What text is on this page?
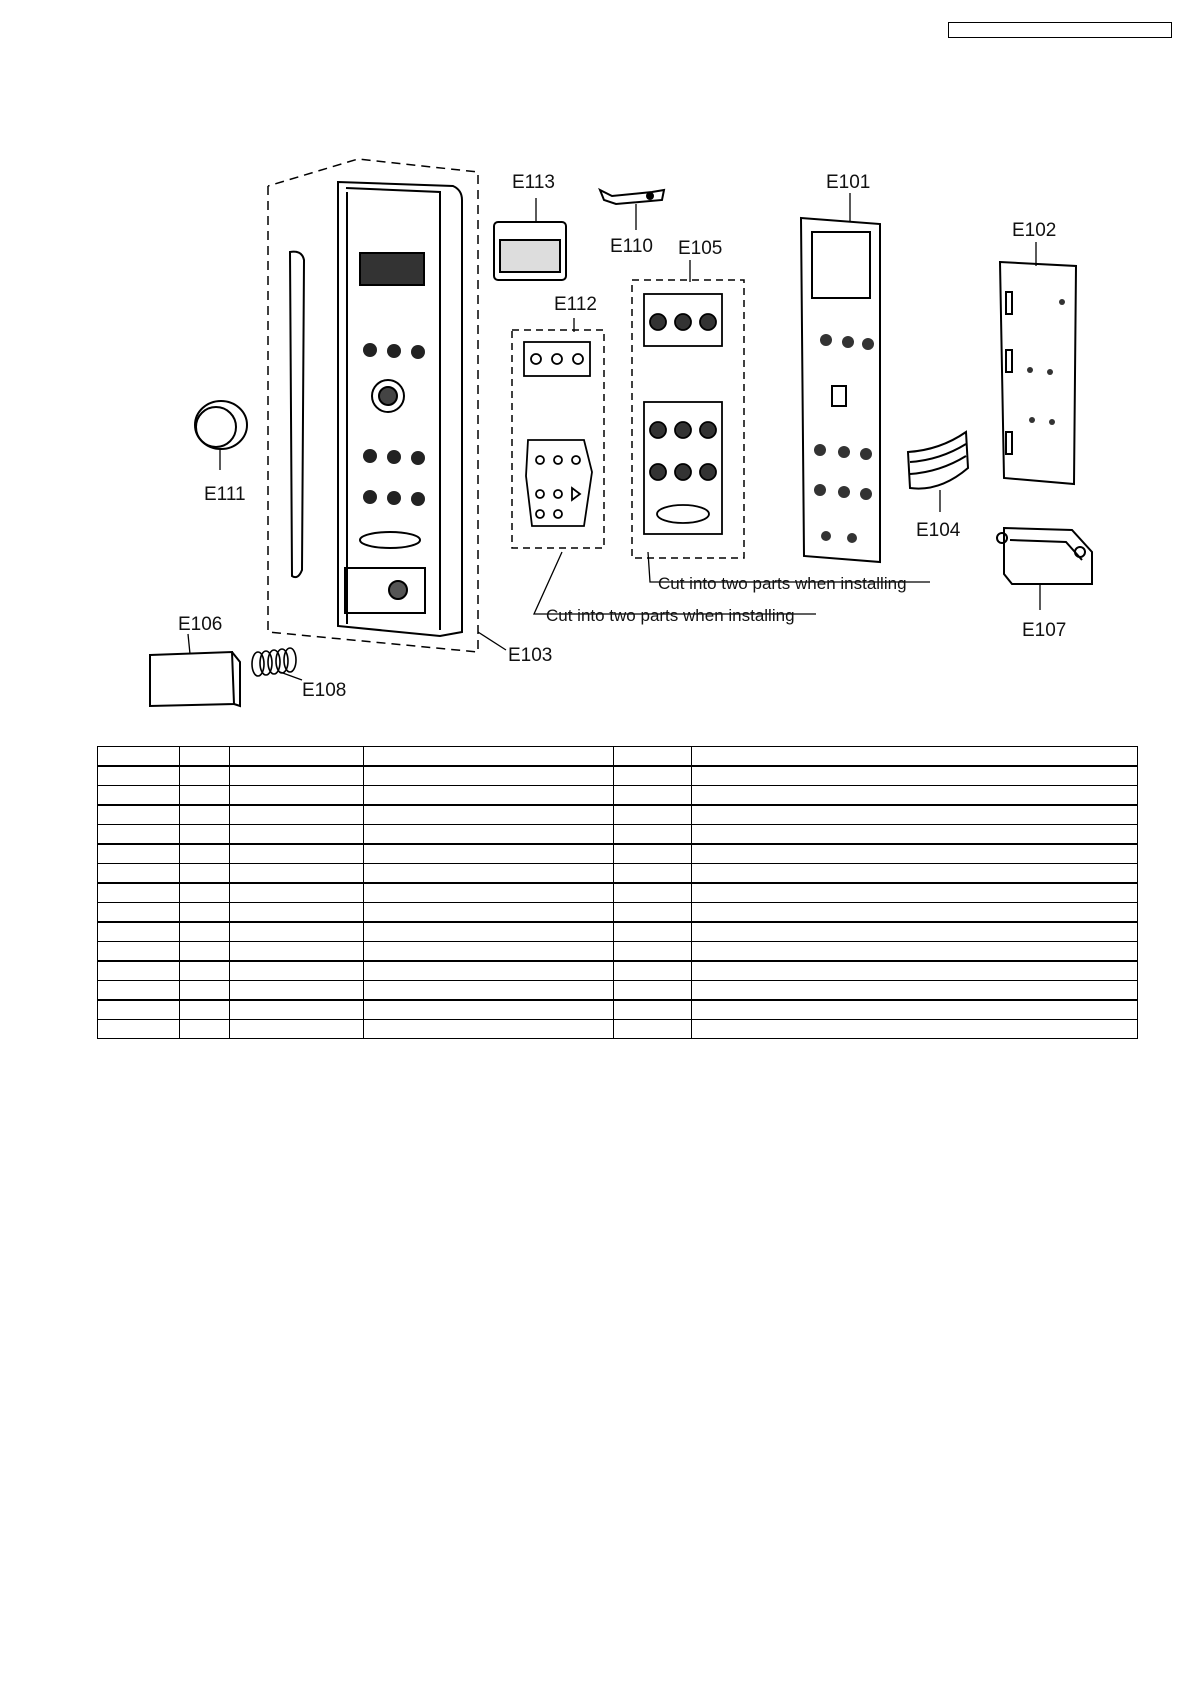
E113
E110 E105
E112
E101
E102
E111
E104
E107
E106
E108
E103
Cut into two parts when installing
Cut into two parts when installing
